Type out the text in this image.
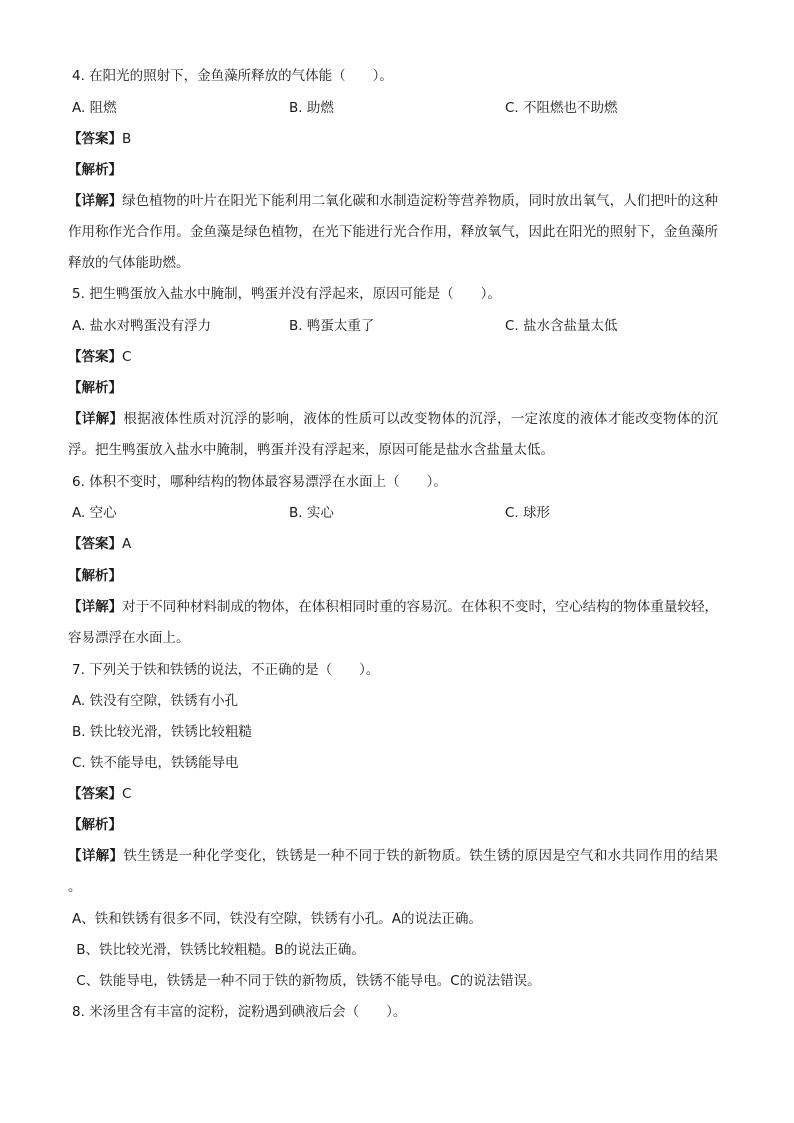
4. 在阳光的照射下，金鱼藻所释放的气体能（　　）。
A. 阻燃	B. 助燃	C. 不阻燃也不助燃
【答案】B
【解析】
【详解】绿色植物的叶片在阳光下能利用二氧化碳和水制造淀粉等营养物质，同时放出氧气，人们把叶的这种作用称作光合作用。金鱼藻是绿色植物，在光下能进行光合作用，释放氧气，因此在阳光的照射下，金鱼藻所释放的气体能助燃。
5. 把生鸭蛋放入盐水中腌制，鸭蛋并没有浮起来，原因可能是（　　）。
A. 盐水对鸭蛋没有浮力	B. 鸭蛋太重了	C. 盐水含盐量太低
【答案】C
【解析】
【详解】根据液体性质对沉浮的影响，液体的性质可以改变物体的沉浮，一定浓度的液体才能改变物体的沉浮。把生鸭蛋放入盐水中腌制，鸭蛋并没有浮起来，原因可能是盐水含盐量太低。
6. 体积不变时，哪种结构的物体最容易漂浮在水面上（　　）。
A. 空心	B. 实心	C. 球形
【答案】A
【解析】
【详解】对于不同种材料制成的物体，在体积相同时重的容易沉。在体积不变时，空心结构的物体重量较轻，容易漂浮在水面上。
7. 下列关于铁和铁锈的说法，不正确的是（　　）。
A. 铁没有空隙，铁锈有小孔
B. 铁比较光滑，铁锈比较粗糙
C. 铁不能导电，铁锈能导电
【答案】C
【解析】
【详解】铁生锈是一种化学变化，铁锈是一种不同于铁的新物质。铁生锈的原因是空气和水共同作用的结果 。
A、铁和铁锈有很多不同，铁没有空隙，铁锈有小孔。A的说法正确。
B、铁比较光滑，铁锈比较粗糙。B的说法正确。
C、铁能导电，铁锈是一种不同于铁的新物质，铁锈不能导电。C的说法错误。
8. 米汤里含有丰富的淀粉，淀粉遇到碘液后会（　　）。
